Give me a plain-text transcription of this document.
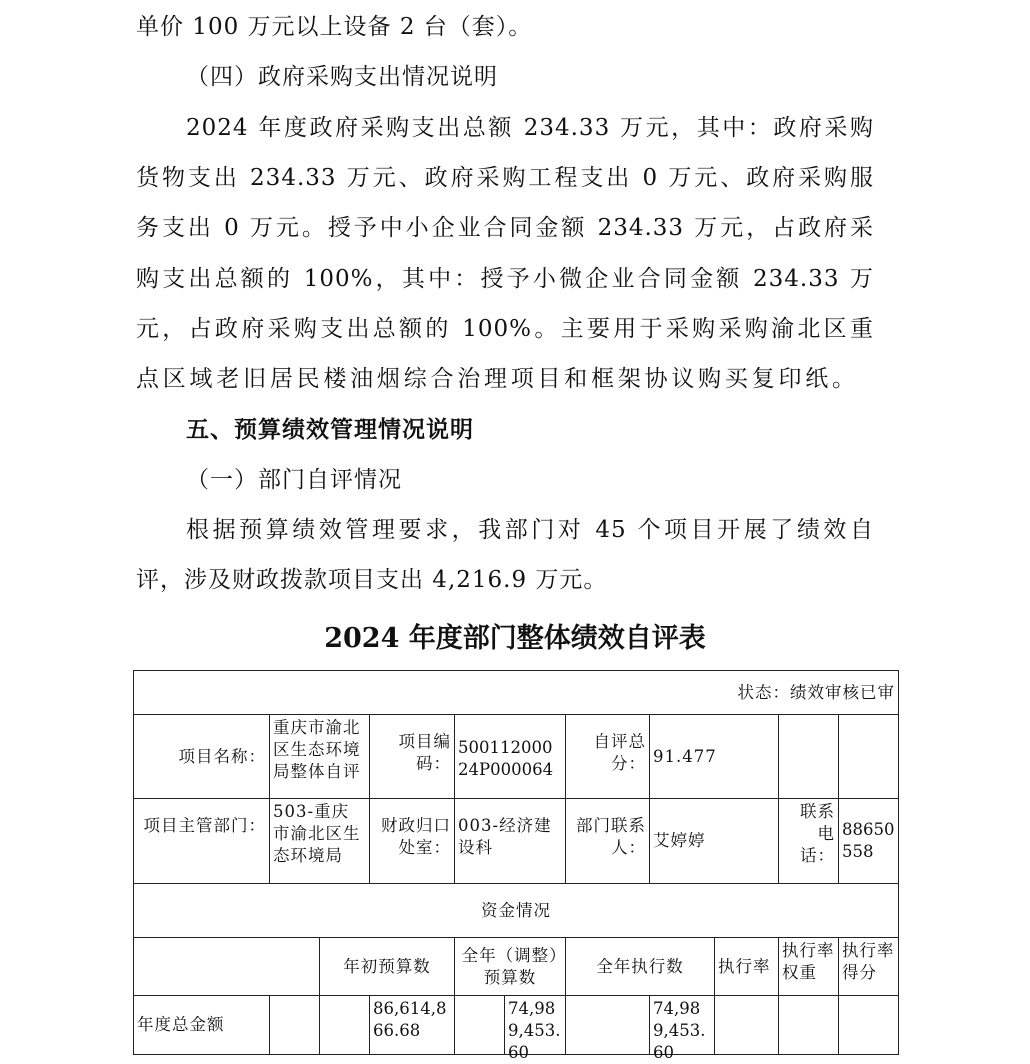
单价 100 万元以上设备 2 台（套）。
（四）政府采购支出情况说明
2024 年度政府采购支出总额 234.33 万元，其中：政府采购
货物支出 234.33 万元、政府采购工程支出 0 万元、政府采购服
务支出 0 万元。授予中小企业合同金额 234.33 万元，占政府采
购支出总额的 100%，其中：授予小微企业合同金额 234.33 万
元，占政府采购支出总额的 100%。主要用于采购采购渝北区重
点区域老旧居民楼油烟综合治理项目和框架协议购买复印纸。
五、预算绩效管理情况说明
（一）部门自评情况
根据预算绩效管理要求，我部门对 45 个项目开展了绩效自
评，涉及财政拨款项目支出 4,216.9 万元。
2024 年度部门整体绩效自评表
状态：绩效审核已审
项目名称：
重庆市渝北区生态环境局整体自评
项目编码：
50011200024P000064
自评总分： 91.477
项目主管部门：
503-重庆市渝北区生态环境局
财政归口处室：
003-经济建设科
部门联系人： 艾婷婷
联系电话：
88650558
资金情况
年初预算数
全年（调整）预算数
全年执行数	执行率
执行率权重
执行率得分
年度总金额
86,614,866.68
74,989,453.60
74,989,453.60
